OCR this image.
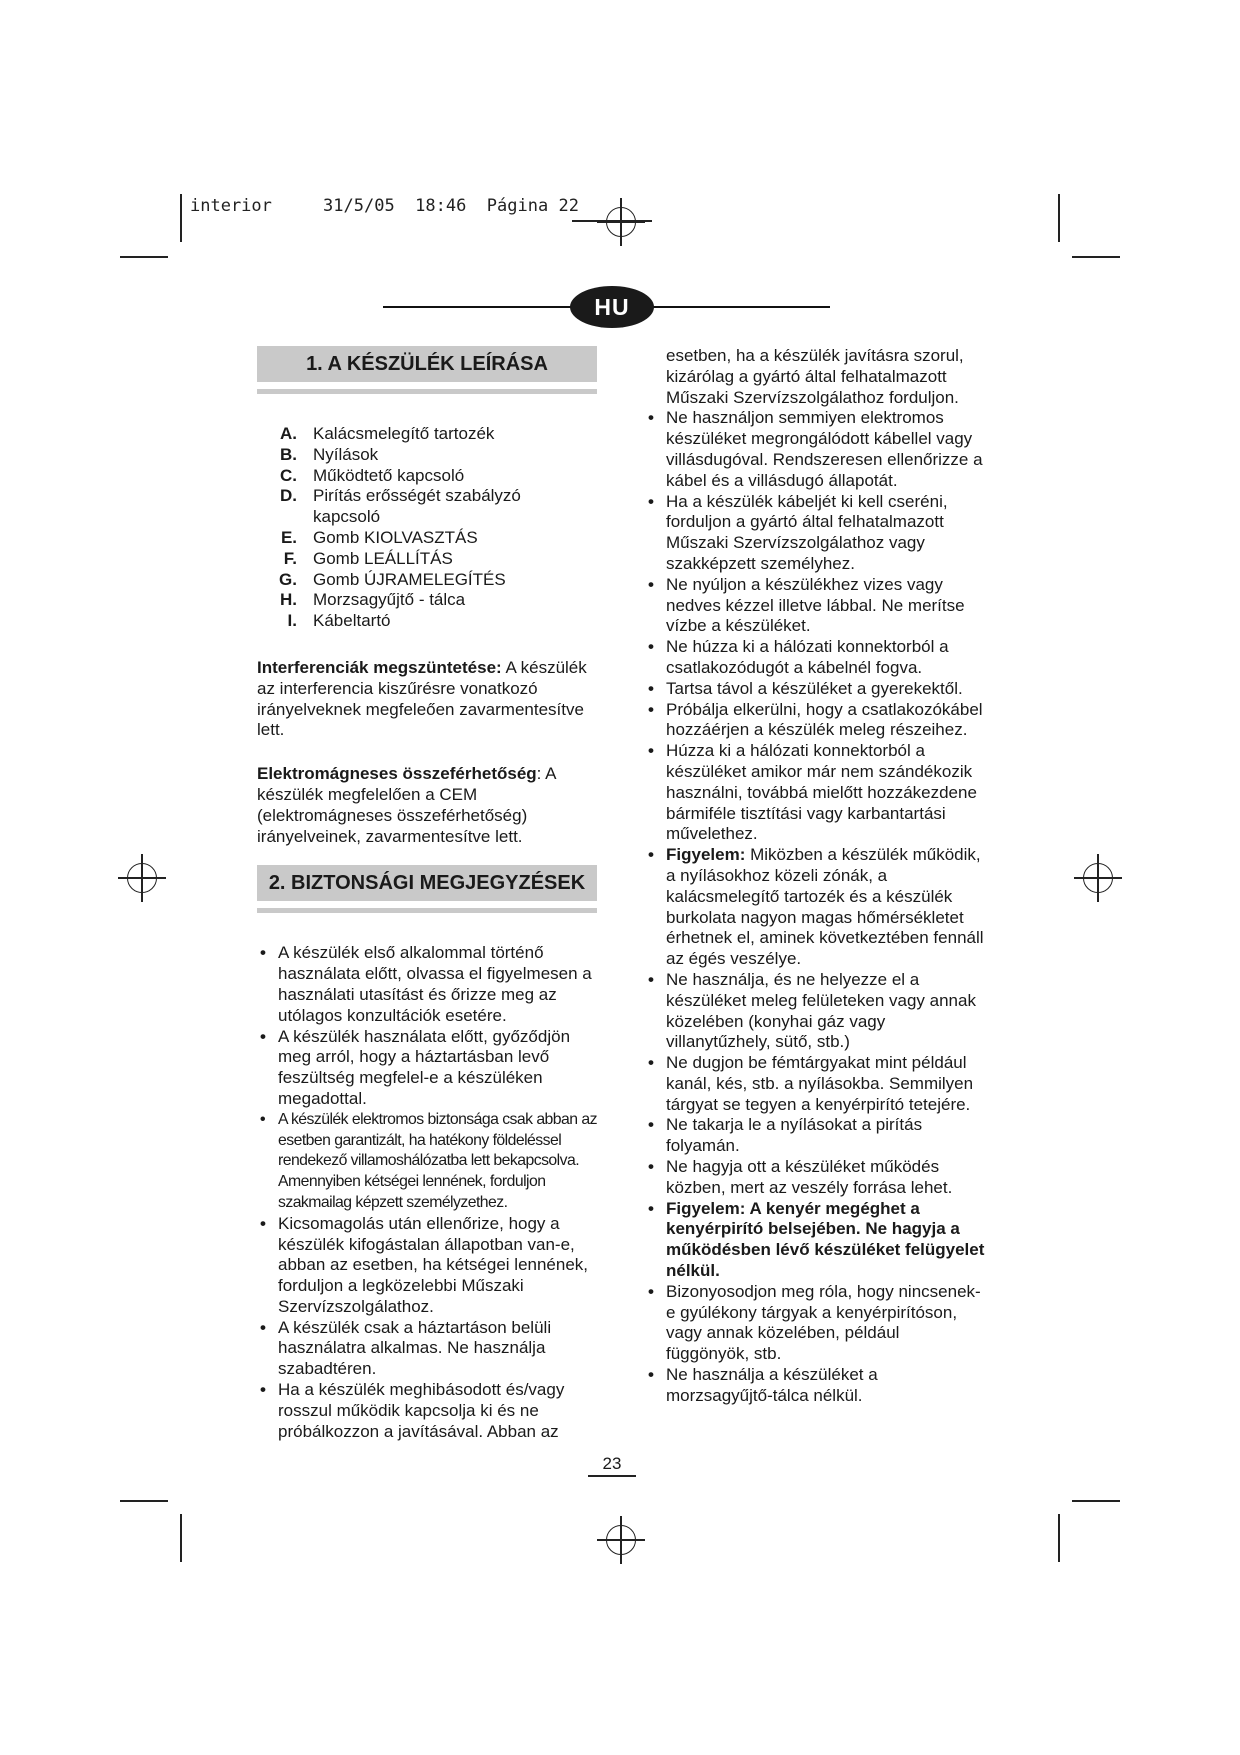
interior     31/5/05  18:46  Página 22
HU
1. A KÉSZÜLÉK LEÍRÁSA
A. Kalácsmelegítő tartozék
B. Nyílások
C. Működtető kapcsoló
D. Pirítás erősségét szabályzó kapcsoló
E. Gomb KIOLVASZTÁS
F. Gomb LEÁLLÍTÁS
G. Gomb ÚJRAMELEGÍTÉS
H. Morzsagyűjtő - tálca
I. Kábeltartó

Interferenciák megszüntetése: A készülék az interferencia kiszűrésre vonatkozó irányelveknek megfeleően zavarmentesítve lett.

Elektromágneses összeférhetőség: A készülék megfelelően a CEM (elektromágneses összeférhetőség) irányelveinek, zavarmentesítve lett.

2. BIZTONSÁGI MEGJEGYZÉSEK
• A készülék első alkalommal történő használata előtt, olvassa el figyelmesen a használati utasítást és őrizze meg az utólagos konzultációk esetére.
• A készülék használata előtt, győződjön meg arról, hogy a háztartásban levő feszültség megfelel-e a készüléken megadottal.
• A készülék elektromos biztonsága csak abban az esetben garantizált, ha hatékony földeléssel rendekező villamoshálózatba lett bekapcsolva. Amennyiben kétségei lennének, forduljon szakmailag képzett személyzethez.
• Kicsomagolás után ellenőrize, hogy a készülék kifogástalan állapotban van-e, abban az esetben, ha kétségei lennének, forduljon a legközelebbi Műszaki Szervízszolgálathoz.
• A készülék csak a háztartáson belüli használatra alkalmas. Ne használja szabadtéren.
• Ha a készülék meghibásodott és/vagy rosszul működik kapcsolja ki és ne próbálkozzon a javításával. Abban az
esetben, ha a készülék javításra szorul, kizárólag a gyártó által felhatalmazott Műszaki Szervízszolgálathoz forduljon.
• Ne használjon semmiyen elektromos készüléket megrongálódott kábellel vagy villásdugóval. Rendszeresen ellenőrizze a kábel és a villásdugó állapotát.
• Ha a készülék kábeljét ki kell cseréni, forduljon a gyártó által felhatalmazott Műszaki Szervízszolgálathoz vagy szakképzett személyhez.
• Ne nyúljon a készülékhez vizes vagy nedves kézzel illetve lábbal. Ne merítse vízbe a készüléket.
• Ne húzza ki a hálózati konnektorból a csatlakozódugót a kábelnél fogva.
• Tartsa távol a készüléket a gyerekektől.
• Próbálja elkerülni, hogy a csatlakozókábel hozzáérjen a készülék meleg részeihez.
• Húzza ki a hálózati konnektorból a készüléket amikor már nem szándékozik használni, továbbá mielőtt hozzákezdene bármiféle tisztítási vagy karbantartási művelethez.
• Figyelem: Miközben a készülék működik, a nyílásokhoz közeli zónák, a kalácsmelegítő tartozék és a készülék burkolata nagyon magas hőmérsékletet érhetnek el, aminek következtében fennáll az égés veszélye.
• Ne használja, és ne helyezze el a készüléket meleg felületeken vagy annak közelében (konyhai gáz vagy villanytűzhely, sütő, stb.)
• Ne dugjon be fémtárgyakat mint például kanál, kés, stb. a nyílásokba. Semmilyen tárgyat se tegyen a kenyérpirító tetejére.
• Ne takarja le a nyílásokat a pirítás folyamán.
• Ne hagyja ott a készüléket működés közben, mert az veszély forrása lehet.
• Figyelem: A kenyér megéghet a kenyérpirító belsejében. Ne hagyja a működésben lévő készüléket felügyelet nélkül.
• Bizonyosodjon meg róla, hogy nincsenek-e gyúlékony tárgyak a kenyérpirítóson, vagy annak közelében, például függönyök, stb.
• Ne használja a készüléket a morzsagyűjtő-tálca nélkül.
23
